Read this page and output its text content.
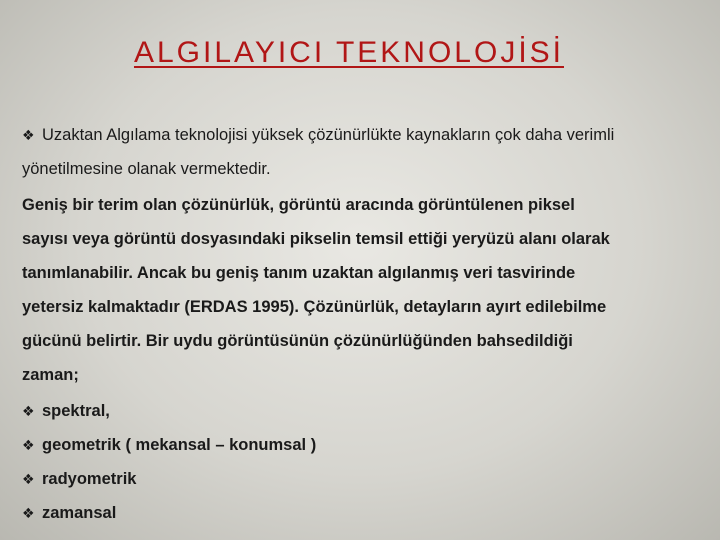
ALGILAYICI TEKNOLOJİSİ

❖ Uzaktan Algılama teknolojisi yüksek çözünürlükte kaynakların çok daha verimli
yönetilmesine olanak vermektedir.

Geniş bir terim olan çözünürlük, görüntü aracında görüntülenen piksel
sayısı veya görüntü dosyasındaki pikselin temsil ettiği yeryüzü alanı olarak
tanımlanabilir. Ancak bu geniş tanım uzaktan algılanmış veri tasvirinde
yetersiz kalmaktadır (ERDAS 1995). Çözünürlük, detayların ayırt edilebilme
gücünü belirtir. Bir uydu görüntüsünün çözünürlüğünden bahsedildiği
zaman;

❖ spektral,
❖ geometrik ( mekansal – konumsal )
❖ radyometrik
❖ zamansal
